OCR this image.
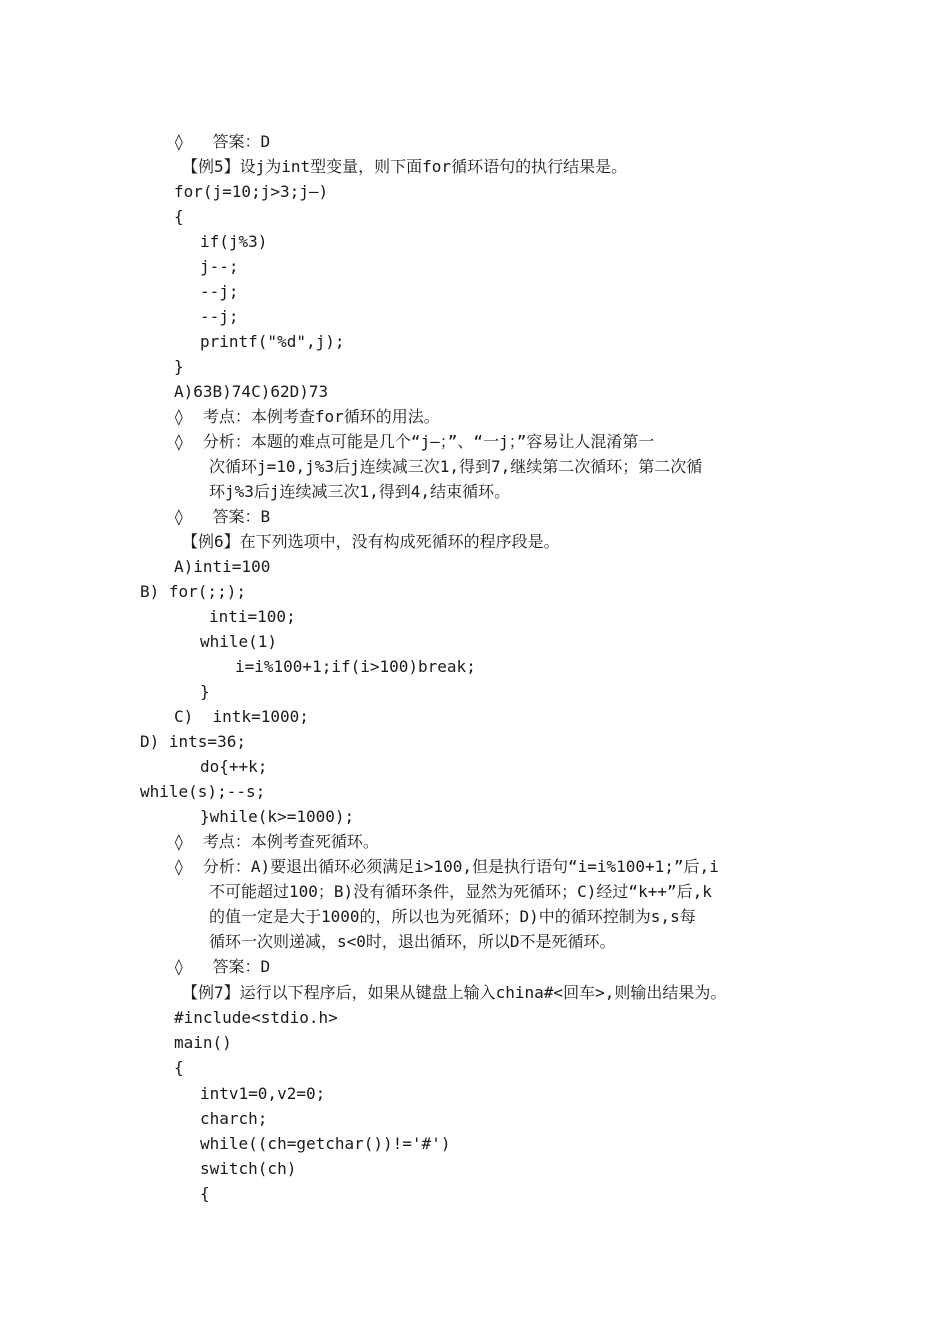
◊   答案：D
【例5】设j为int型变量，则下面for循环语句的执行结果是。
for(j=10;j>3;j—)
{
if(j%3)
j--;
--j;
--j;
printf("%d",j);
}
A)63B)74C)62D)73
◊  考点：本例考查for循环的用法。
◊  分析：本题的难点可能是几个“j—；”、“一j；”容易让人混淆第一
次循环j=10,j%3后j连续减三次1,得到7,继续第二次循环；第二次循
环j%3后j连续减三次1,得到4,结束循环。
◊   答案：B
【例6】在下列选项中，没有构成死循环的程序段是。
A)inti=100
B) for(;;);
inti=100;
while(1)
i=i%100+1;if(i>100)break;
}
C)  intk=1000;
D) ints=36;
do{++k;
while(s);--s;
}while(k>=1000);
◊  考点：本例考查死循环。
◊  分析：A)要退出循环必须满足i>100,但是执行语句“i=i%100+1;”后,i
不可能超过100；B)没有循环条件，显然为死循环；C)经过“k++”后,k
的值一定是大于1000的，所以也为死循环；D)中的循环控制为s,s每
循环一次则递减，s<0时，退出循环，所以D不是死循环。
◊   答案：D
【例7】运行以下程序后，如果从键盘上输入china#<回车>,则输出结果为。
#include<stdio.h>
main()
{
intv1=0,v2=0;
charch;
while((ch=getchar())!='#')
switch(ch)
{
